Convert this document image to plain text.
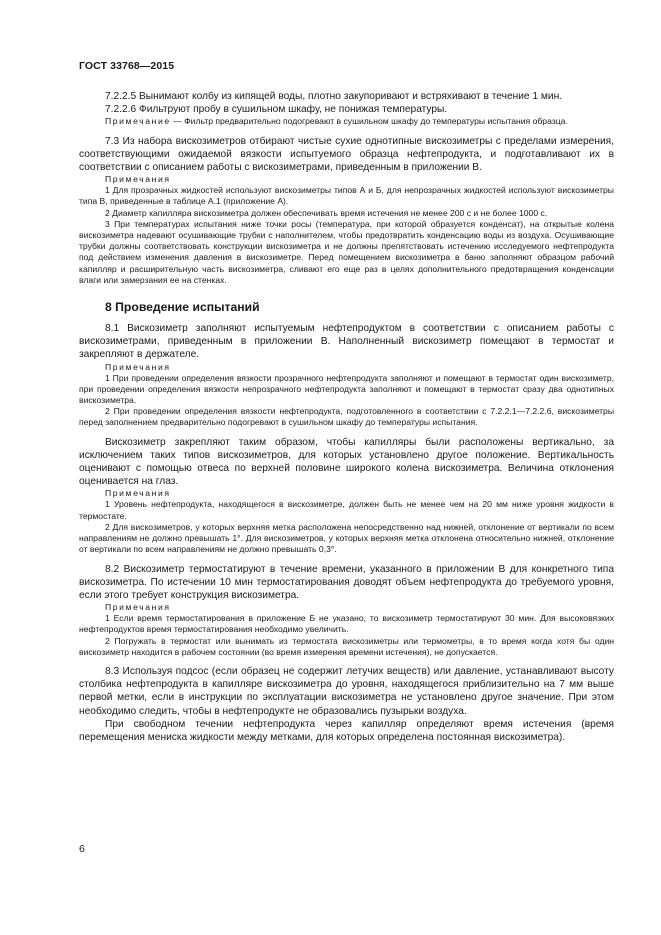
ГОСТ 33768—2015

7.2.2.5 Вынимают колбу из кипящей воды, плотно закупоривают и встряхивают в течение 1 мин.

7.2.2.6 Фильтруют пробу в сушильном шкафу, не понижая температуры.

Примечание — Фильтр предварительно подогревают в сушильном шкафу до температуры испытания образца.

7.3 Из набора вискозиметров отбирают чистые сухие однотипные вискозиметры с пределами измерения, соответствующими ожидаемой вязкости испытуемого образца нефтепродукта, и подготавливают их в соответствии с описанием работы с вискозиметрами, приведенным в приложении В.

Примечания

1 Для прозрачных жидкостей используют вискозиметры типов А и Б, для непрозрачных жидкостей используют вискозиметры типа В, приведенные в таблице А.1 (приложение А).

2 Диаметр капилляра вискозиметра должен обеспечивать время истечения не менее 200 с и не более 1000 с.

3 При температурах испытания ниже точки росы (температура, при которой образуется конденсат), на открытые колена вискозиметра надевают осушивающие трубки с наполнителем, чтобы предотвратить конденсацию воды из воздуха. Осушивающие трубки должны соответствовать конструкции вискозиметра и не должны препятствовать истечению исследуемого нефтепродукта под действием изменения давления в вискозиметре. Перед помещением вискозиметра в баню заполняют образцом рабочий капилляр и расширительную часть вискозиметра, сливают его еще раз в целях дополнительного предотвращения конденсации влаги или замерзания ее на стенках.

8 Проведение испытаний

8.1 Вискозиметр заполняют испытуемым нефтепродуктом в соответствии с описанием работы с вискозиметрами, приведенным в приложении В. Наполненный вискозиметр помещают в термостат и закрепляют в держателе.

Примечания

1 При проведении определения вязкости прозрачного нефтепродукта заполняют и помещают в термостат один вискозиметр, при проведении определения вязкости непрозрачного нефтепродукта заполняют и помещают в термостат сразу два однотипных вискозиметра.

2 При проведении определения вязкости нефтепродукта, подготовленного в соответствии с 7.2.2.1—7.2.2.6, вискозиметры перед заполнением предварительно подогревают в сушильном шкафу до температуры испытания.

Вискозиметр закрепляют таким образом, чтобы капилляры были расположены вертикально, за исключением таких типов вискозиметров, для которых установлено другое положение. Вертикальность оценивают с помощью отвеса по верхней половине широкого колена вискозиметра. Величина отклонения оценивается на глаз.

Примечания

1 Уровень нефтепродукта, находящегося в вискозиметре, должен быть не менее чем на 20 мм ниже уровня жидкости в термостате.

2 Для вискозиметров, у которых верхняя метка расположена непосредственно над нижней, отклонение от вертикали по всем направлениям не должно превышать 1°. Для вискозиметров, у которых верхняя метка отклонена относительно нижней, отклонение от вертикали по всем направлениям не должно превышать 0,3°.

8.2 Вискозиметр термостатируют в течение времени, указанного в приложении В для конкретного типа вискозиметра. По истечении 10 мин термостатирования доводят объем нефтепродукта до требуемого уровня, если этого требует конструкция вискозиметра.

Примечания

1 Если время термостатирования в приложение Б не указано, то вискозиметр термостатируют 30 мин. Для высоковязких нефтепродуктов время термостатирования необходимо увеличить.

2 Погружать в термостат или вынимать из термостата вискозиметры или термометры, в то время когда хотя бы один вискозиметр находится в рабочем состоянии (во время измерения времени истечения), не допускается.

8.3 Используя подсос (если образец не содержит летучих веществ) или давление, устанавливают высоту столбика нефтепродукта в капилляре вискозиметра до уровня, находящегося приблизительно на 7 мм выше первой метки, если в инструкции по эксплуатации вискозиметра не установлено другое значение. При этом необходимо следить, чтобы в нефтепродукте не образовались пузырьки воздуха.

При свободном течении нефтепродукта через капилляр определяют время истечения (время перемещения мениска жидкости между метками, для которых определена постоянная вискозиметра).

6
